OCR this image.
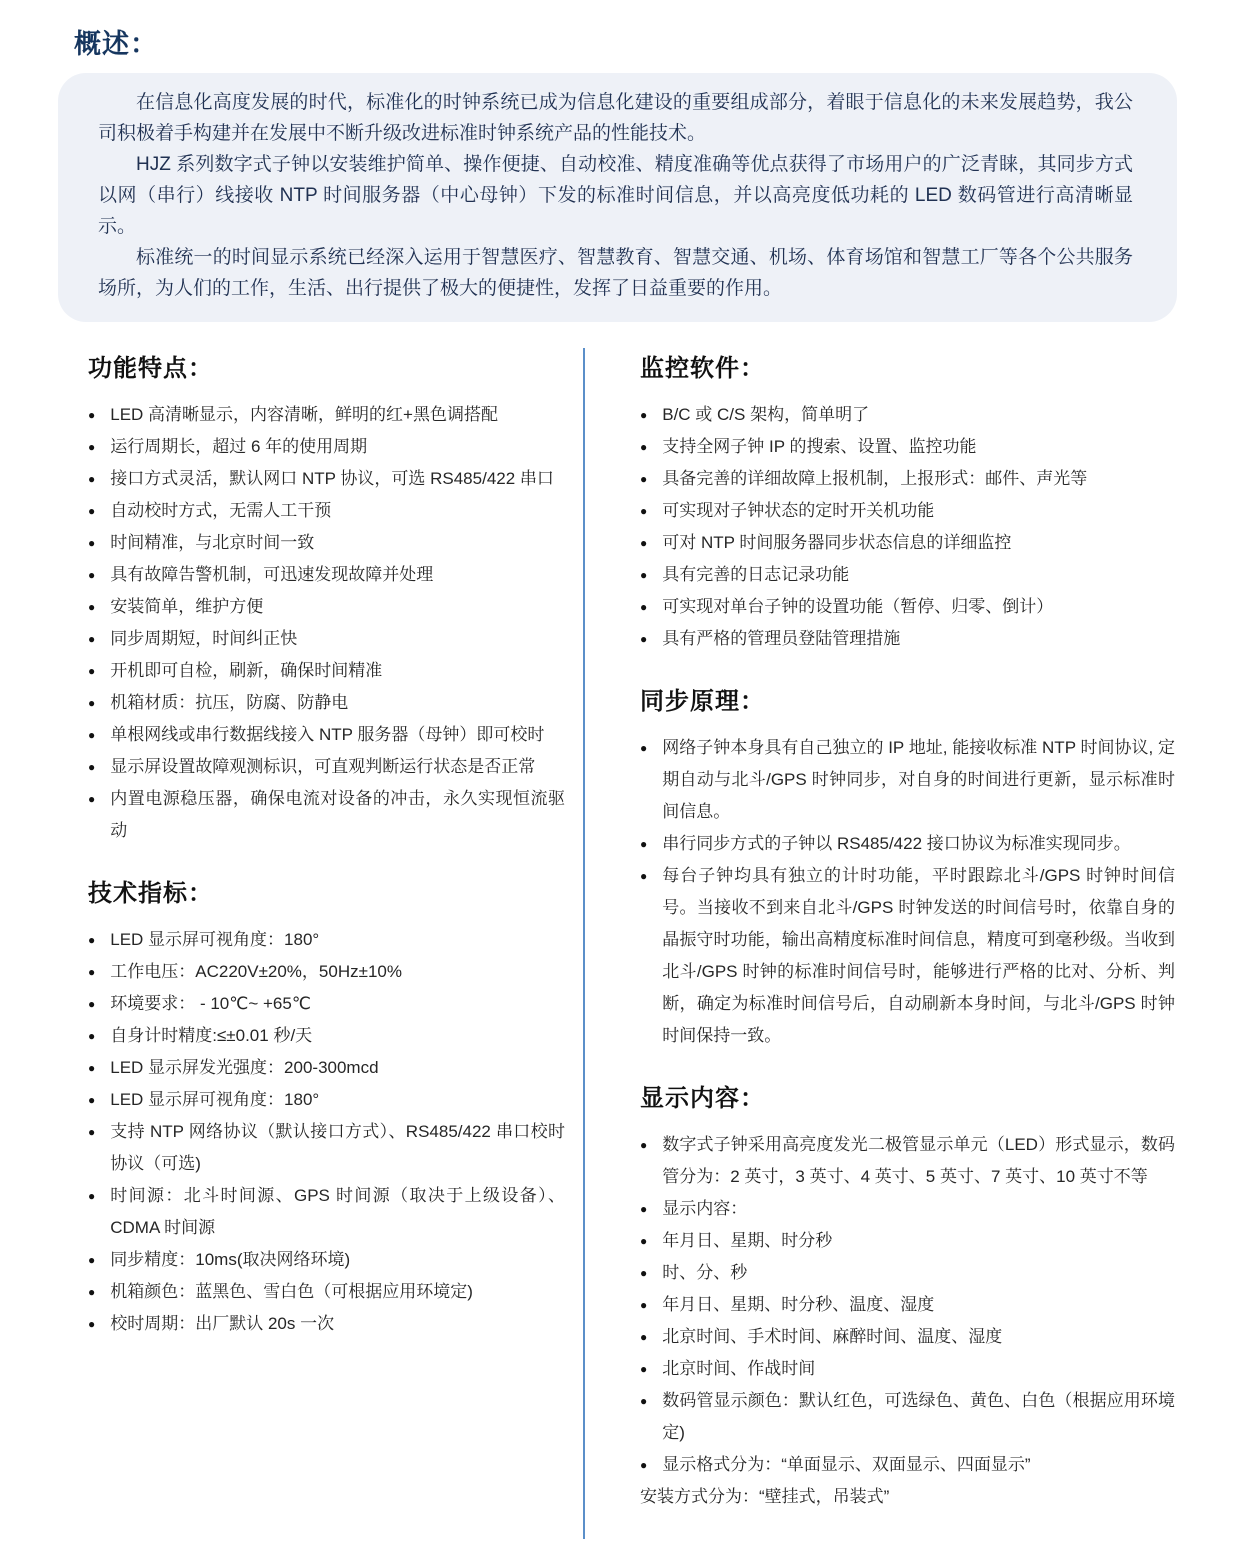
概述：

在信息化高度发展的时代，标准化的时钟系统已成为信息化建设的重要组成部分，着眼于信息化的未来发展趋势，我公司积极着手构建并在发展中不断升级改进标准时钟系统产品的性能技术。

HJZ 系列数字式子钟以安装维护简单、操作便捷、自动校准、精度准确等优点获得了市场用户的广泛青睐，其同步方式以网（串行）线接收 NTP 时间服务器（中心母钟）下发的标准时间信息，并以高亮度低功耗的 LED 数码管进行高清晰显示。

标准统一的时间显示系统已经深入运用于智慧医疗、智慧教育、智慧交通、机场、体育场馆和智慧工厂等各个公共服务场所，为人们的工作，生活、出行提供了极大的便捷性，发挥了日益重要的作用。

功能特点：
● LED 高清晰显示，内容清晰，鲜明的红+黑色调搭配
● 运行周期长，超过 6 年的使用周期
● 接口方式灵活，默认网口 NTP 协议，可选 RS485/422 串口
● 自动校时方式，无需人工干预
● 时间精准，与北京时间一致
● 具有故障告警机制，可迅速发现故障并处理
● 安装简单，维护方便
● 同步周期短，时间纠正快
● 开机即可自检，刷新，确保时间精准
● 机箱材质：抗压，防腐、防静电
● 单根网线或串行数据线接入 NTP 服务器（母钟）即可校时
● 显示屏设置故障观测标识，可直观判断运行状态是否正常
● 内置电源稳压器，确保电流对设备的冲击，永久实现恒流驱动
技术指标：
● LED 显示屏可视角度：180°
● 工作电压：AC220V±20%，50Hz±10%
● 环境要求： - 10℃~ +65℃
● 自身计时精度:≤±0.01 秒/天
● LED 显示屏发光强度：200-300mcd
● LED 显示屏可视角度：180°
● 支持 NTP 网络协议（默认接口方式）、RS485/422 串口校时协议（可选)
● 时间源：北斗时间源、GPS 时间源（取决于上级设备）、CDMA 时间源
● 同步精度：10ms(取决网络环境)
● 机箱颜色：蓝黑色、雪白色（可根据应用环境定)
● 校时周期：出厂默认 20s 一次
监控软件：
● B/C 或 C/S 架构，简单明了
● 支持全网子钟 IP 的搜索、设置、监控功能
● 具备完善的详细故障上报机制，上报形式：邮件、声光等
● 可实现对子钟状态的定时开关机功能
● 可对 NTP 时间服务器同步状态信息的详细监控
● 具有完善的日志记录功能
● 可实现对单台子钟的设置功能（暂停、归零、倒计）
● 具有严格的管理员登陆管理措施
同步原理：
● 网络子钟本身具有自己独立的 IP 地址, 能接收标准 NTP 时间协议, 定期自动与北斗/GPS 时钟同步，对自身的时间进行更新，显示标准时间信息。
● 串行同步方式的子钟以 RS485/422 接口协议为标准实现同步。
● 每台子钟均具有独立的计时功能，平时跟踪北斗/GPS 时钟时间信号。当接收不到来自北斗/GPS 时钟发送的时间信号时，依靠自身的晶振守时功能，输出高精度标准时间信息，精度可到毫秒级。当收到北斗/GPS 时钟的标准时间信号时，能够进行严格的比对、分析、判断，确定为标准时间信号后，自动刷新本身时间，与北斗/GPS 时钟时间保持一致。
显示内容：
● 数字式子钟采用高亮度发光二极管显示单元（LED）形式显示，数码管分为：2 英寸，3 英寸、4 英寸、5 英寸、7 英寸、10 英寸不等
● 显示内容：
● 年月日、星期、时分秒
● 时、分、秒
● 年月日、星期、时分秒、温度、湿度
● 北京时间、手术时间、麻醉时间、温度、湿度
● 北京时间、作战时间
● 数码管显示颜色：默认红色，可选绿色、黄色、白色（根据应用环境定)
● 显示格式分为：“单面显示、双面显示、四面显示”

安装方式分为：“壁挂式，吊装式”
